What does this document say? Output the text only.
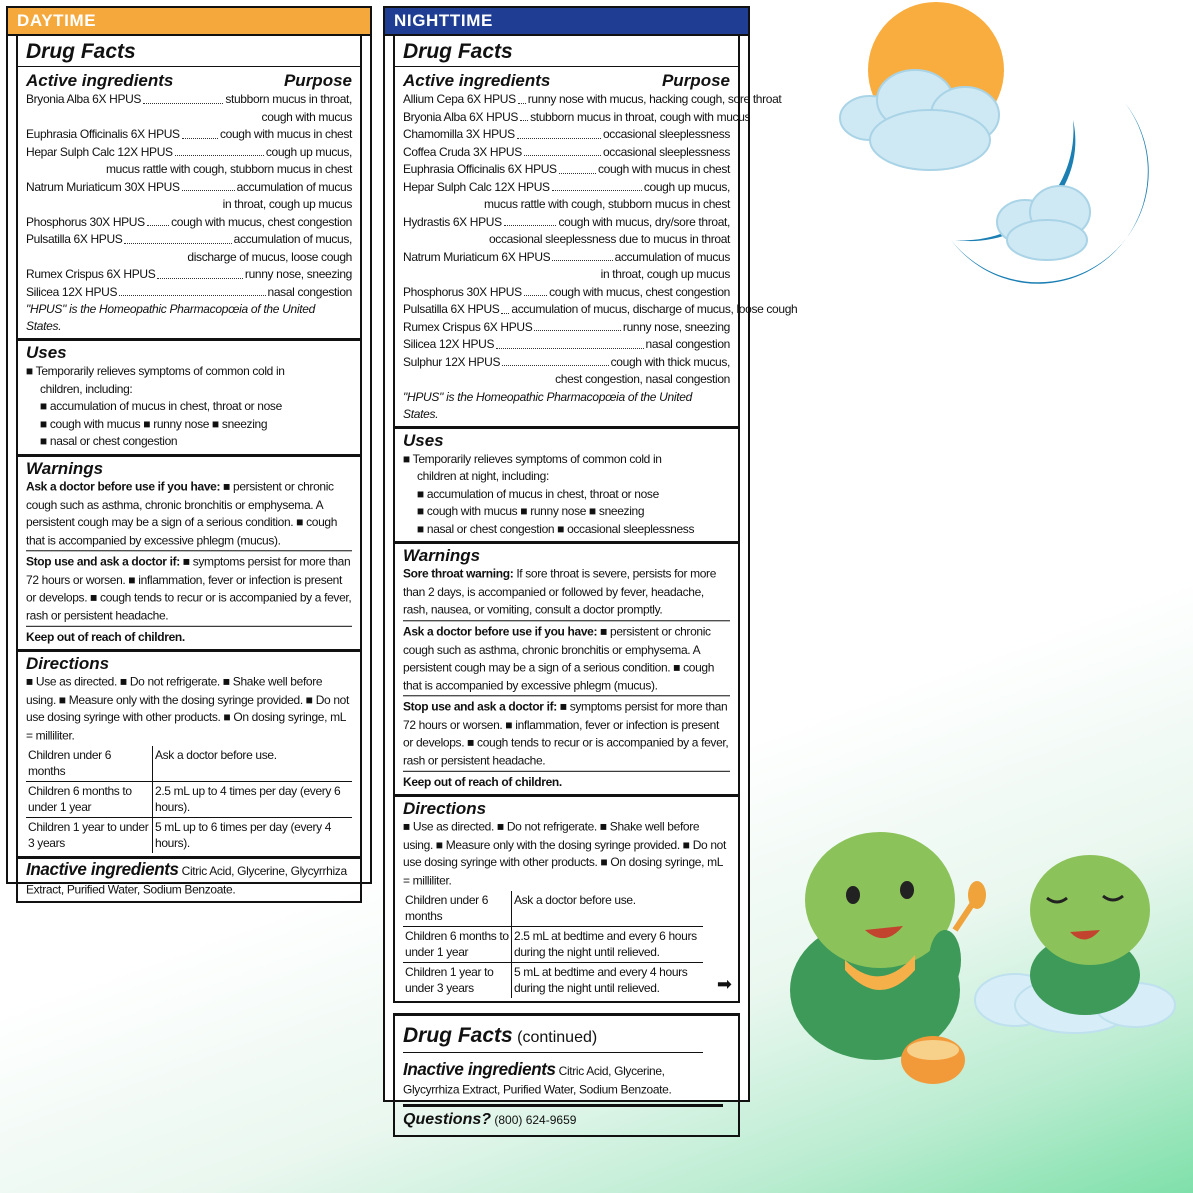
DAYTIME
Drug Facts
Active ingredients	Purpose
Bryonia Alba 6X HPUS	stubborn mucus in throat,
cough with mucus
Euphrasia Officinalis 6X HPUS	cough with mucus in chest
Hepar Sulph Calc 12X HPUS	cough up mucus,
mucus rattle with cough, stubborn mucus in chest
Natrum Muriaticum 30X HPUS	accumulation of mucus
in throat, cough up mucus
Phosphorus 30X HPUS cough with mucus, chest congestion
Pulsatilla 6X HPUS	accumulation of mucus,
discharge of mucus, loose cough
Rumex Crispus 6X HPUS	runny nose, sneezing
Silicea 12X HPUS	nasal congestion
"HPUS" is the Homeopathic Pharmacopœia of the United States.
Uses
■ Temporarily relieves symptoms of common cold in
children, including:
■ accumulation of mucus in chest, throat or nose
■ cough with mucus ■ runny nose ■ sneezing
■ nasal or chest congestion
Warnings
Ask a doctor before use if you have: ■ persistent or chronic cough such as asthma, chronic bronchitis or emphysema. A persistent cough may be a sign of a serious condition. ■ cough that is accompanied by excessive phlegm (mucus).
Stop use and ask a doctor if: ■ symptoms persist for more than 72 hours or worsen. ■ inflammation, fever or infection is present or develops. ■ cough tends to recur or is accompanied by a fever, rash or persistent headache.
Keep out of reach of children.
Directions
■ Use as directed. ■ Do not refrigerate. ■ Shake well before using. ■ Measure only with the dosing syringe provided. ■ Do not use dosing syringe with other products. ■ On dosing syringe, mL = milliliter.
Children under 6 months	Ask a doctor before use.
Children 6 months to under 1 year	2.5 mL up to 4 times per day (every 6 hours).
Children 1 year to under 3 years	5 mL up to 6 times per day (every 4 hours).
Inactive ingredients Citric Acid, Glycerine, Glycyrrhiza Extract, Purified Water, Sodium Benzoate.
NIGHTTIME
Drug Facts
Active ingredients	Purpose
Allium Cepa 6X HPUS runny nose with mucus, hacking cough, sore throat
Bryonia Alba 6X HPUS stubborn mucus in throat, cough with mucus
Chamomilla 3X HPUS	occasional sleeplessness
Coffea Cruda 3X HPUS	occasional sleeplessness
Euphrasia Officinalis 6X HPUS	cough with mucus in chest
Hepar Sulph Calc 12X HPUS	cough up mucus,
mucus rattle with cough, stubborn mucus in chest
Hydrastis 6X HPUS	cough with mucus, dry/sore throat,
occasional sleeplessness due to mucus in throat
Natrum Muriaticum 6X HPUS	accumulation of mucus
in throat, cough up mucus
Phosphorus 30X HPUS cough with mucus, chest congestion
Pulsatilla 6X HPUS accumulation of mucus, discharge of mucus, loose cough
Rumex Crispus 6X HPUS	runny nose, sneezing
Silicea 12X HPUS	nasal congestion
Sulphur 12X HPUS	cough with thick mucus,
chest congestion, nasal congestion
"HPUS" is the Homeopathic Pharmacopœia of the United States.
Uses
■ Temporarily relieves symptoms of common cold in
children at night, including:
■ accumulation of mucus in chest, throat or nose
■ cough with mucus ■ runny nose ■ sneezing
■ nasal or chest congestion ■ occasional sleeplessness
Warnings
Sore throat warning: If sore throat is severe, persists for more than 2 days, is accompanied or followed by fever, headache, rash, nausea, or vomiting, consult a doctor promptly.
Ask a doctor before use if you have: ■ persistent or chronic cough such as asthma, chronic bronchitis or emphysema. A persistent cough may be a sign of a serious condition. ■ cough that is accompanied by excessive phlegm (mucus).
Stop use and ask a doctor if: ■ symptoms persist for more than 72 hours or worsen. ■ inflammation, fever or infection is present or develops. ■ cough tends to recur or is accompanied by a fever, rash or persistent headache.
Keep out of reach of children.
Directions
■ Use as directed. ■ Do not refrigerate. ■ Shake well before using. ■ Measure only with the dosing syringe provided. ■ Do not use dosing syringe with other products. ■ On dosing syringe, mL = milliliter.
Children under 6 months	Ask a doctor before use.
Children 6 months to under 1 year	2.5 mL at bedtime and every 6 hours during the night until relieved.
Children 1 year to under 3 years	5 mL at bedtime and every 4 hours during the night until relieved.	➡
Drug Facts (continued)
Inactive ingredients Citric Acid, Glycerine, Glycyrrhiza Extract, Purified Water, Sodium Benzoate.
Questions? (800) 624-9659
